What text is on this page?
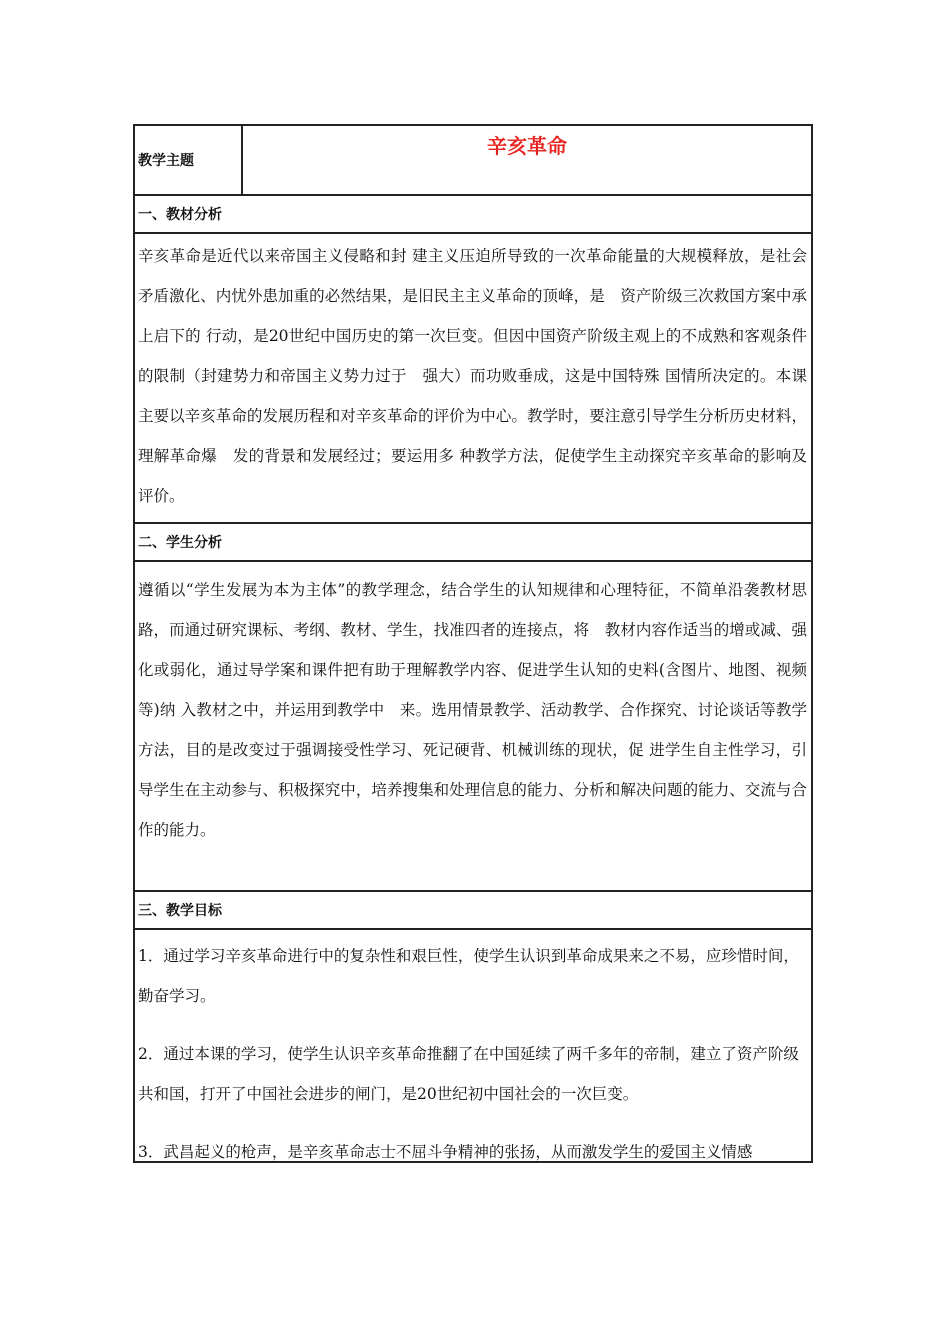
教学主题
辛亥革命
一、教材分析
辛亥革命是近代以来帝国主义侵略和封 建主义压迫所导致的一次革命能量的大规模释放，是社会矛盾激化、内忧外患加重的必然结果，是旧民主主义革命的顶峰，是　资产阶级三次救国方案中承上启下的 行动，是20世纪中国历史的第一次巨变。但因中国资产阶级主观上的不成熟和客观条件的限制（封建势力和帝国主义势力过于　强大）而功败垂成，这是中国特殊 国情所决定的。本课主要以辛亥革命的发展历程和对辛亥革命的评价为中心。教学时，要注意引导学生分析历史材料，理解革命爆　发的背景和发展经过；要运用多 种教学方法，促使学生主动探究辛亥革命的影响及评价。
二、学生分析
遵循以“学生发展为本为主体”的教学理念，结合学生的认知规律和心理特征，不简单沿袭教材思路，而通过研究课标、考纲、教材、学生，找准四者的连接点，将　教材内容作适当的增或减、强化或弱化，通过导学案和课件把有助于理解教学内容、促进学生认知的史料(含图片、地图、视频等)纳 入教材之中，并运用到教学中　来。选用情景教学、活动教学、合作探究、讨论谈话等教学方法，目的是改变过于强调接受性学习、死记硬背、机械训练的现状，促 进学生自主性学习，引导学生在主动参与、积极探究中，培养搜集和处理信息的能力、分析和解决问题的能力、交流与合作的能力。
三、教学目标

1．通过学习辛亥革命进行中的复杂性和艰巨性，使学生认识到革命成果来之不易，应珍惜时间，勤奋学习。

2．通过本课的学习，使学生认识辛亥革命推翻了在中国延续了两千多年的帝制，建立了资产阶级共和国，打开了中国社会进步的闸门，是20世纪初中国社会的一次巨变。

3．武昌起义的枪声，是辛亥革命志士不屈斗争精神的张扬，从而激发学生的爱国主义情感
